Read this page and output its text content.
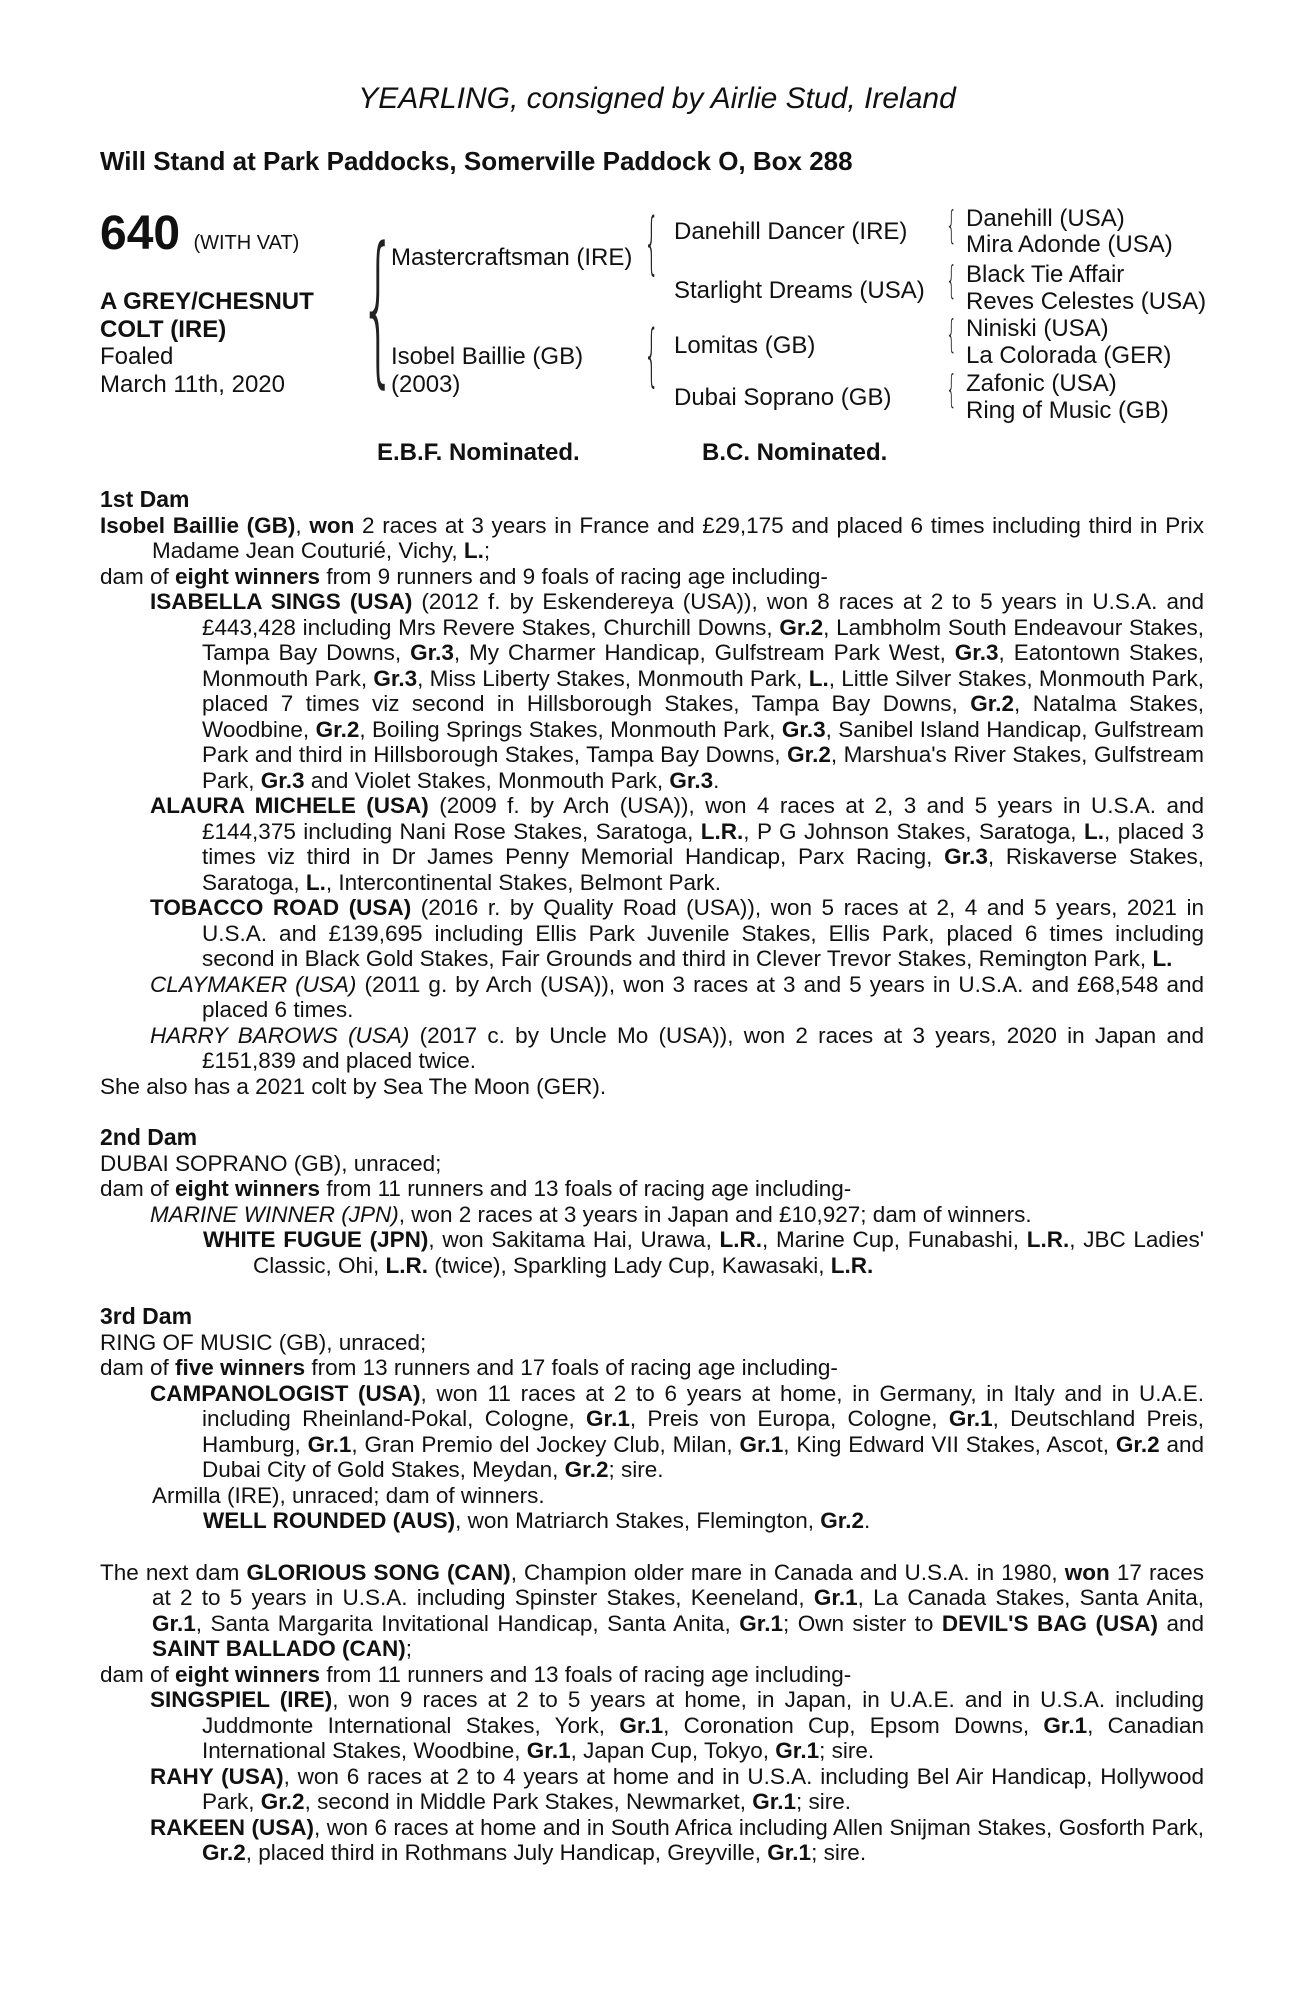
YEARLING, consigned by Airlie Stud, Ireland
Will Stand at Park Paddocks, Somerville Paddock O, Box 288
640 (WITH VAT)
A GREY/CHESNUT
COLT (IRE)
Foaled
March 11th, 2020 {	{
{
{
{
{
{
Mastercraftsman (IRE)
Isobel Baillie (GB)
(2003)
Danehill Dancer (IRE)
Starlight Dreams (USA)
Lomitas (GB)
Dubai Soprano (GB)
Danehill (USA)
Mira Adonde (USA)
Black Tie Affair
Reves Celestes (USA)
Niniski (USA)
La Colorada (GER)
Zafonic (USA)
Ring of Music (GB)
E.B.F. Nominated.	B.C. Nominated.

1st Dam

Isobel Baillie (GB), won 2 races at 3 years in France and £29,175 and placed 6 times including third in Prix Madame Jean Couturié, Vichy, L.;

dam of eight winners from 9 runners and 9 foals of racing age including-

ISABELLA SINGS (USA) (2012 f. by Eskendereya (USA)), won 8 races at 2 to 5 years in U.S.A. and £443,428 including Mrs Revere Stakes, Churchill Downs, Gr.2, Lambholm South Endeavour Stakes, Tampa Bay Downs, Gr.3, My Charmer Handicap, Gulfstream Park West, Gr.3, Eatontown Stakes, Monmouth Park, Gr.3, Miss Liberty Stakes, Monmouth Park, L., Little Silver Stakes, Monmouth Park, placed 7 times viz second in Hillsborough Stakes, Tampa Bay Downs, Gr.2, Natalma Stakes, Woodbine, Gr.2, Boiling Springs Stakes, Monmouth Park, Gr.3, Sanibel Island Handicap, Gulfstream Park and third in Hillsborough Stakes, Tampa Bay Downs, Gr.2, Marshua's River Stakes, Gulfstream Park, Gr.3 and Violet Stakes, Monmouth Park, Gr.3.

ALAURA MICHELE (USA) (2009 f. by Arch (USA)), won 4 races at 2, 3 and 5 years in U.S.A. and £144,375 including Nani Rose Stakes, Saratoga, L.R., P G Johnson Stakes, Saratoga, L., placed 3 times viz third in Dr James Penny Memorial Handicap, Parx Racing, Gr.3, Riskaverse Stakes, Saratoga, L., Intercontinental Stakes, Belmont Park.

TOBACCO ROAD (USA) (2016 r. by Quality Road (USA)), won 5 races at 2, 4 and 5 years, 2021 in U.S.A. and £139,695 including Ellis Park Juvenile Stakes, Ellis Park, placed 6 times including second in Black Gold Stakes, Fair Grounds and third in Clever Trevor Stakes, Remington Park, L.

CLAYMAKER (USA) (2011 g. by Arch (USA)), won 3 races at 3 and 5 years in U.S.A. and £68,548 and placed 6 times.

HARRY BAROWS (USA) (2017 c. by Uncle Mo (USA)), won 2 races at 3 years, 2020 in Japan and £151,839 and placed twice.

She also has a 2021 colt by Sea The Moon (GER).

2nd Dam

DUBAI SOPRANO (GB), unraced;

dam of eight winners from 11 runners and 13 foals of racing age including-

MARINE WINNER (JPN), won 2 races at 3 years in Japan and £10,927; dam of winners.

WHITE FUGUE (JPN), won Sakitama Hai, Urawa, L.R., Marine Cup, Funabashi, L.R., JBC Ladies' Classic, Ohi, L.R. (twice), Sparkling Lady Cup, Kawasaki, L.R.

3rd Dam

RING OF MUSIC (GB), unraced;

dam of five winners from 13 runners and 17 foals of racing age including-

CAMPANOLOGIST (USA), won 11 races at 2 to 6 years at home, in Germany, in Italy and in U.A.E. including Rheinland-Pokal, Cologne, Gr.1, Preis von Europa, Cologne, Gr.1, Deutschland Preis, Hamburg, Gr.1, Gran Premio del Jockey Club, Milan, Gr.1, King Edward VII Stakes, Ascot, Gr.2 and Dubai City of Gold Stakes, Meydan, Gr.2; sire.

Armilla (IRE), unraced; dam of winners.

WELL ROUNDED (AUS), won Matriarch Stakes, Flemington, Gr.2.

The next dam GLORIOUS SONG (CAN), Champion older mare in Canada and U.S.A. in 1980, won 17 races at 2 to 5 years in U.S.A. including Spinster Stakes, Keeneland, Gr.1, La Canada Stakes, Santa Anita, Gr.1, Santa Margarita Invitational Handicap, Santa Anita, Gr.1; Own sister to DEVIL'S BAG (USA) and SAINT BALLADO (CAN);

dam of eight winners from 11 runners and 13 foals of racing age including-

SINGSPIEL (IRE), won 9 races at 2 to 5 years at home, in Japan, in U.A.E. and in U.S.A. including Juddmonte International Stakes, York, Gr.1, Coronation Cup, Epsom Downs, Gr.1, Canadian International Stakes, Woodbine, Gr.1, Japan Cup, Tokyo, Gr.1; sire.

RAHY (USA), won 6 races at 2 to 4 years at home and in U.S.A. including Bel Air Handicap, Hollywood Park, Gr.2, second in Middle Park Stakes, Newmarket, Gr.1; sire.

RAKEEN (USA), won 6 races at home and in South Africa including Allen Snijman Stakes, Gosforth Park, Gr.2, placed third in Rothmans July Handicap, Greyville, Gr.1; sire.
